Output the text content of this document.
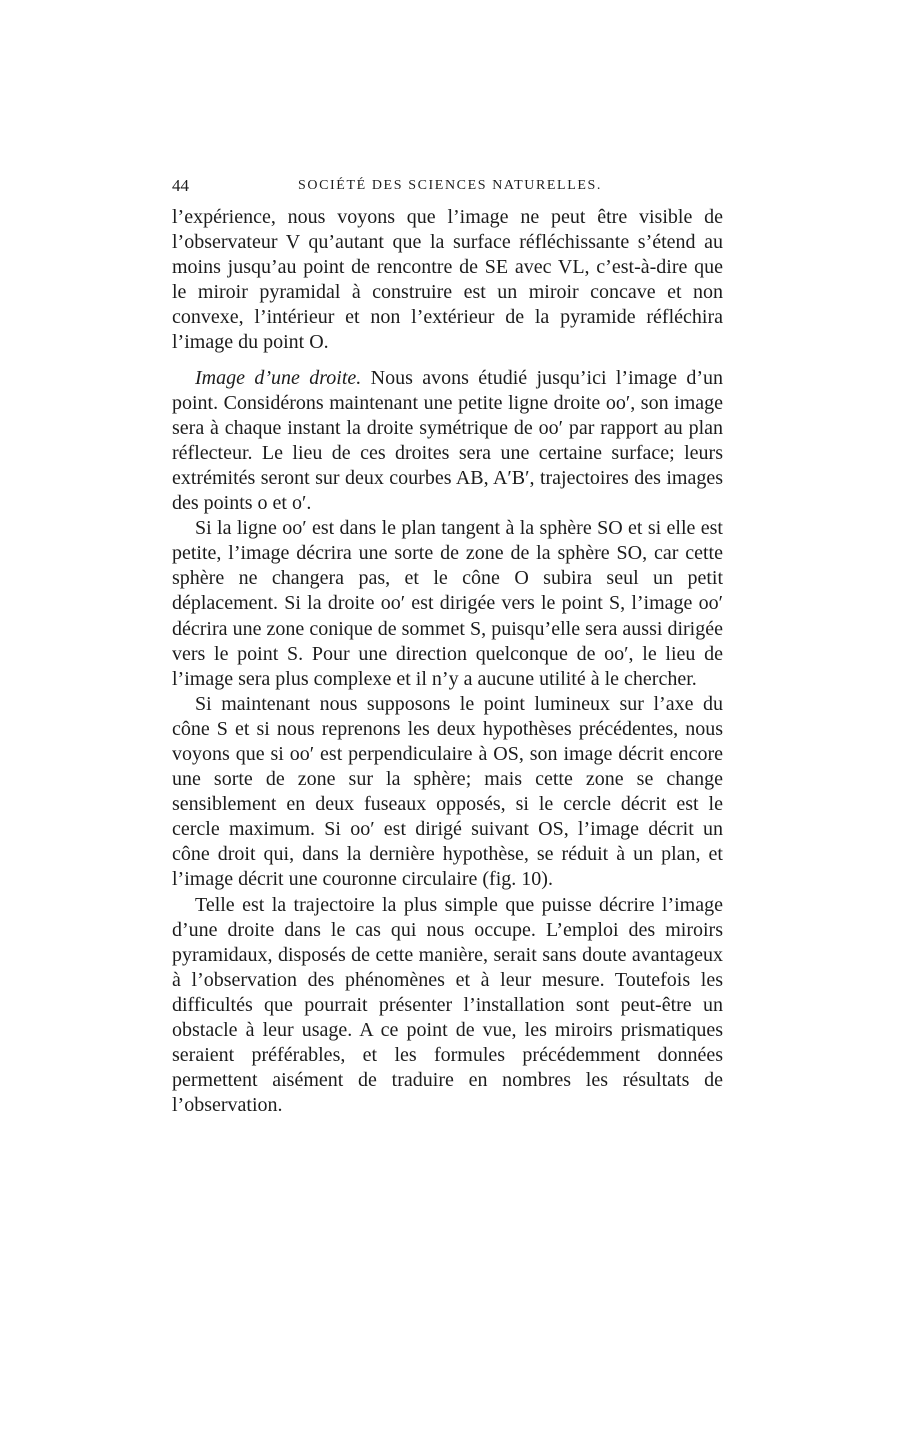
44	SOCIÉTÉ DES SCIENCES NATURELLES.

l’expérience, nous voyons que l’image ne peut être visible de l’observateur V qu’autant que la surface réfléchissante s’étend au moins jusqu’au point de rencontre de SE avec VL, c’est-à-dire que le miroir pyramidal à construire est un miroir concave et non convexe, l’intérieur et non l’extérieur de la pyramide réfléchira l’image du point O.

Image d’une droite. Nous avons étudié jusqu’ici l’image d’un point. Considérons maintenant une petite ligne droite oo′, son image sera à chaque instant la droite symétrique de oo′ par rapport au plan réflecteur. Le lieu de ces droites sera une certaine surface; leurs extrémités seront sur deux courbes AB, A′B′, trajectoires des images des points o et o′.

Si la ligne oo′ est dans le plan tangent à la sphère SO et si elle est petite, l’image décrira une sorte de zone de la sphère SO, car cette sphère ne changera pas, et le cône O subira seul un petit déplacement. Si la droite oo′ est dirigée vers le point S, l’image oo′ décrira une zone conique de sommet S, puisqu’elle sera aussi dirigée vers le point S. Pour une direction quelconque de oo′, le lieu de l’image sera plus complexe et il n’y a aucune utilité à le chercher.

Si maintenant nous supposons le point lumineux sur l’axe du cône S et si nous reprenons les deux hypothèses précédentes, nous voyons que si oo′ est perpendiculaire à OS, son image décrit encore une sorte de zone sur la sphère; mais cette zone se change sensiblement en deux fuseaux opposés, si le cercle décrit est le cercle maximum. Si oo′ est dirigé suivant OS, l’image décrit un cône droit qui, dans la dernière hypothèse, se réduit à un plan, et l’image décrit une couronne circulaire (fig. 10).

Telle est la trajectoire la plus simple que puisse décrire l’image d’une droite dans le cas qui nous occupe. L’emploi des miroirs pyramidaux, disposés de cette manière, serait sans doute avantageux à l’observation des phénomènes et à leur mesure. Toutefois les difficultés que pourrait présenter l’installation sont peut-être un obstacle à leur usage. A ce point de vue, les miroirs prismatiques seraient préférables, et les formules précédemment données permettent aisément de traduire en nombres les résultats de l’observation.
